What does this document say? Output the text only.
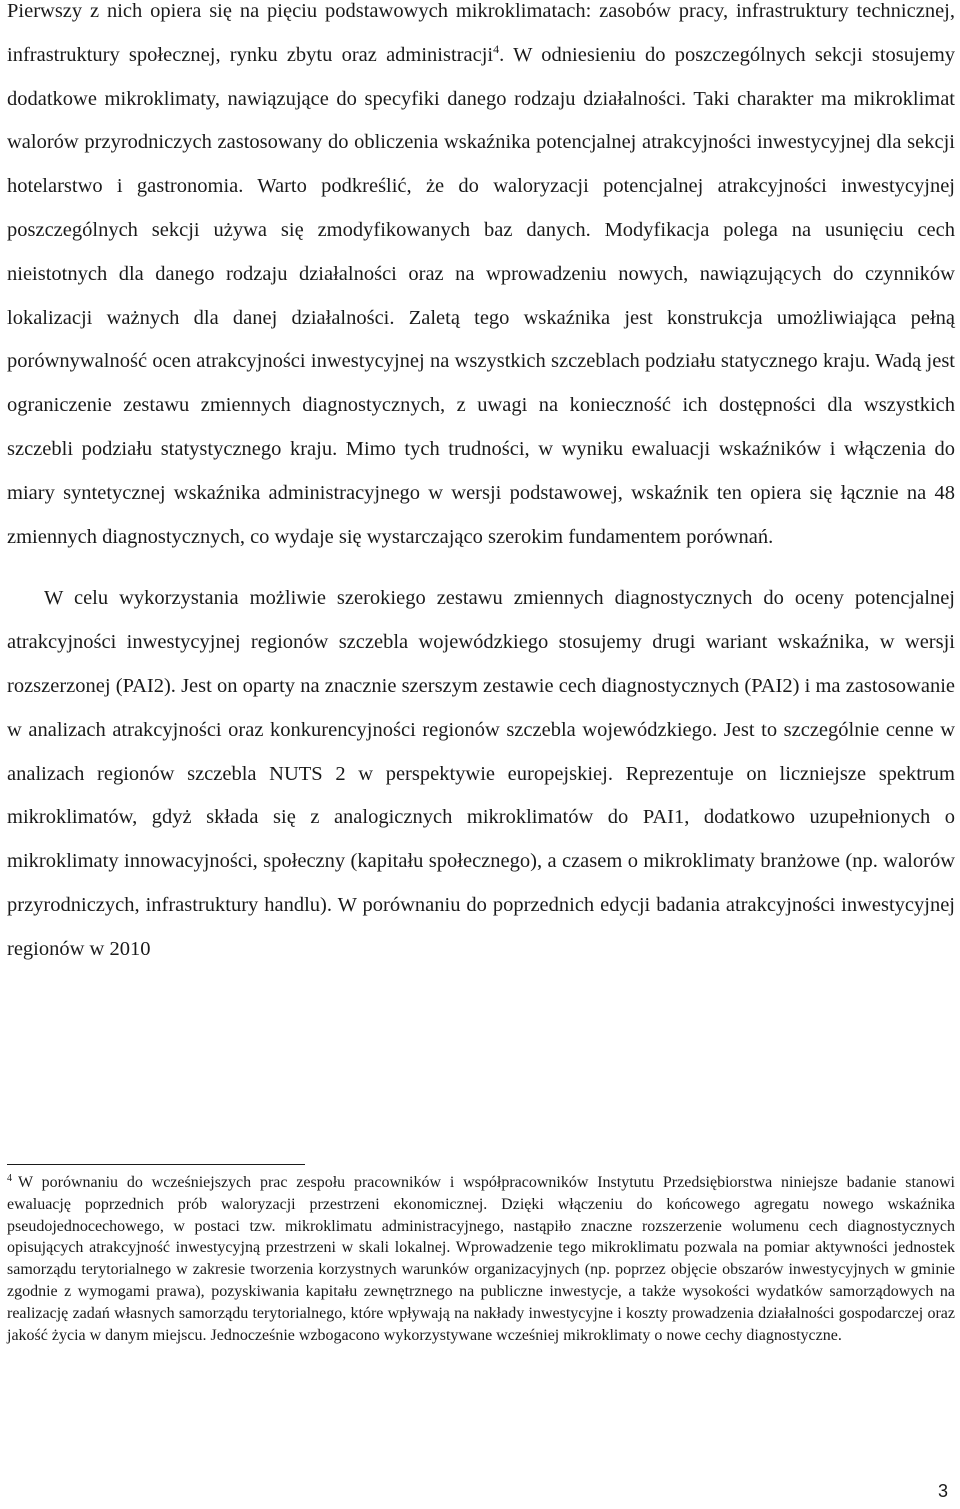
Pierwszy z nich opiera się na pięciu podstawowych mikroklimatach: zasobów pracy, infrastruktury technicznej, infrastruktury społecznej, rynku zbytu oraz administracji$^4$. W odniesieniu do poszczególnych sekcji stosujemy dodatkowe mikroklimaty, nawiązujące do specyfiki danego rodzaju działalności. Taki charakter ma mikroklimat walorów przyrodniczych zastosowany do obliczenia wskaźnika potencjalnej atrakcyjności inwestycyjnej dla sekcji hotelarstwo i gastronomia. Warto podkreślić, że do waloryzacji potencjalnej atrakcyjności inwestycyjnej poszczególnych sekcji używa się zmodyfikowanych baz danych. Modyfikacja polega na usunięciu cech nieistotnych dla danego rodzaju działalności oraz na wprowadzeniu nowych, nawiązujących do czynników lokalizacji ważnych dla danej działalności. Zaletą tego wskaźnika jest konstrukcja umożliwiająca pełną porównywalność ocen atrakcyjności inwestycyjnej na wszystkich szczeblach podziału statycznego kraju. Wadą jest ograniczenie zestawu zmiennych diagnostycznych, z uwagi na konieczność ich dostępności dla wszystkich szczebli podziału statystycznego kraju. Mimo tych trudności, w wyniku ewaluacji wskaźników i włączenia do miary syntetycznej wskaźnika administracyjnego w wersji podstawowej, wskaźnik ten opiera się łącznie na 48 zmiennych diagnostycznych, co wydaje się wystarczająco szerokim fundamentem porównań.

W celu wykorzystania możliwie szerokiego zestawu zmiennych diagnostycznych do oceny potencjalnej atrakcyjności inwestycyjnej regionów szczebla wojewódzkiego stosujemy drugi wariant wskaźnika, w wersji rozszerzonej (PAI2). Jest on oparty na znacznie szerszym zestawie cech diagnostycznych (PAI2) i ma zastosowanie w analizach atrakcyjności oraz konkurencyjności regionów szczebla wojewódzkiego. Jest to szczególnie cenne w analizach regionów szczebla NUTS 2 w perspektywie europejskiej. Reprezentuje on liczniejsze spektrum mikroklimatów, gdyż składa się z analogicznych mikroklimatów do PAI1, dodatkowo uzupełnionych o mikroklimaty innowacyjności, społeczny (kapitału społecznego), a czasem o mikroklimaty branżowe (np. walorów przyrodniczych, infrastruktury handlu). W porównaniu do poprzednich edycji badania atrakcyjności inwestycyjnej regionów w 2010

$^4$ W porównaniu do wcześniejszych prac zespołu pracowników i współpracowników Instytutu Przedsiębiorstwa niniejsze badanie stanowi ewaluację poprzednich prób waloryzacji przestrzeni ekonomicznej. Dzięki włączeniu do końcowego agregatu nowego wskaźnika pseudojednocechowego, w postaci tzw. mikroklimatu administracyjnego, nastąpiło znaczne rozszerzenie wolumenu cech diagnostycznych opisujących atrakcyjność inwestycyjną przestrzeni w skali lokalnej. Wprowadzenie tego mikroklimatu pozwala na pomiar aktywności jednostek samorządu terytorialnego w zakresie tworzenia korzystnych warunków organizacyjnych (np. poprzez objęcie obszarów inwestycyjnych w gminie zgodnie z wymogami prawa), pozyskiwania kapitału zewnętrznego na publiczne inwestycje, a także wysokości wydatków samorządowych na realizację zadań własnych samorządu terytorialnego, które wpływają na nakłady inwestycyjne i koszty prowadzenia działalności gospodarczej oraz jakość życia w danym miejscu. Jednocześnie wzbogacono wykorzystywane wcześniej mikroklimaty o nowe cechy diagnostyczne.

3
